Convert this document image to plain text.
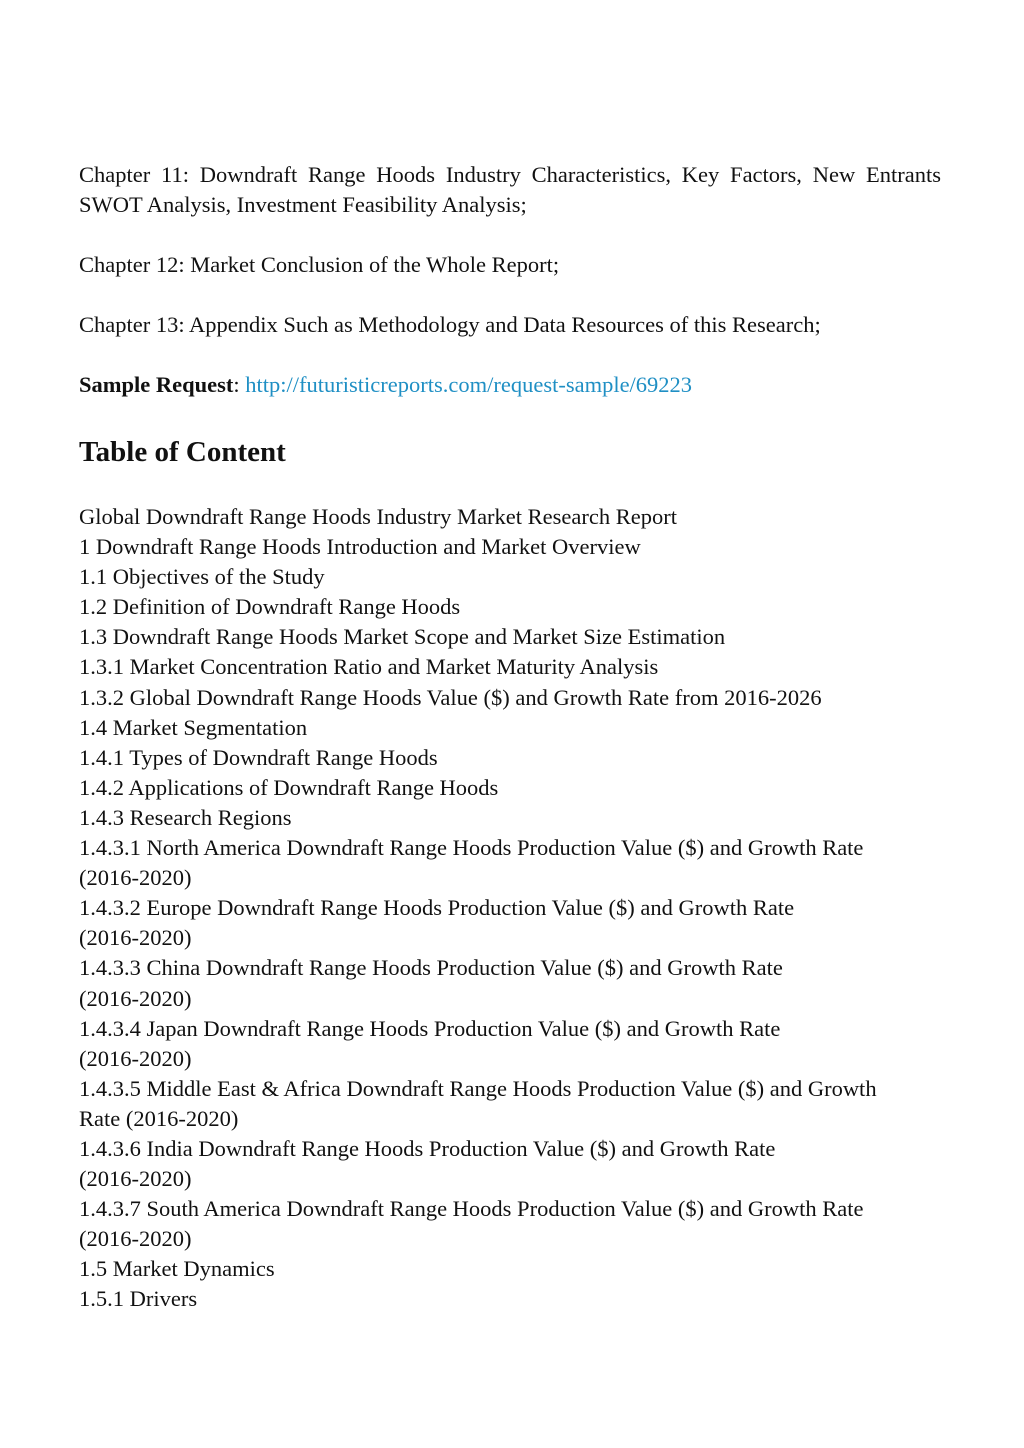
Chapter 11: Downdraft Range Hoods Industry Characteristics, Key Factors, New Entrants SWOT Analysis, Investment Feasibility Analysis;

Chapter 12: Market Conclusion of the Whole Report;

Chapter 13: Appendix Such as Methodology and Data Resources of this Research;

Sample Request: http://futuristicreports.com/request-sample/69223

Table of Content
Global Downdraft Range Hoods Industry Market Research Report
1 Downdraft Range Hoods Introduction and Market Overview
1.1 Objectives of the Study
1.2 Definition of Downdraft Range Hoods
1.3 Downdraft Range Hoods Market Scope and Market Size Estimation
1.3.1 Market Concentration Ratio and Market Maturity Analysis
1.3.2 Global Downdraft Range Hoods Value ($) and Growth Rate from 2016-2026
1.4 Market Segmentation
1.4.1 Types of Downdraft Range Hoods
1.4.2 Applications of Downdraft Range Hoods
1.4.3 Research Regions
1.4.3.1 North America Downdraft Range Hoods Production Value ($) and Growth Rate
(2016-2020)
1.4.3.2 Europe Downdraft Range Hoods Production Value ($) and Growth Rate
(2016-2020)
1.4.3.3 China Downdraft Range Hoods Production Value ($) and Growth Rate
(2016-2020)
1.4.3.4 Japan Downdraft Range Hoods Production Value ($) and Growth Rate
(2016-2020)
1.4.3.5 Middle East & Africa Downdraft Range Hoods Production Value ($) and Growth
Rate (2016-2020)
1.4.3.6 India Downdraft Range Hoods Production Value ($) and Growth Rate
(2016-2020)
1.4.3.7 South America Downdraft Range Hoods Production Value ($) and Growth Rate
(2016-2020)
1.5 Market Dynamics
1.5.1 Drivers
